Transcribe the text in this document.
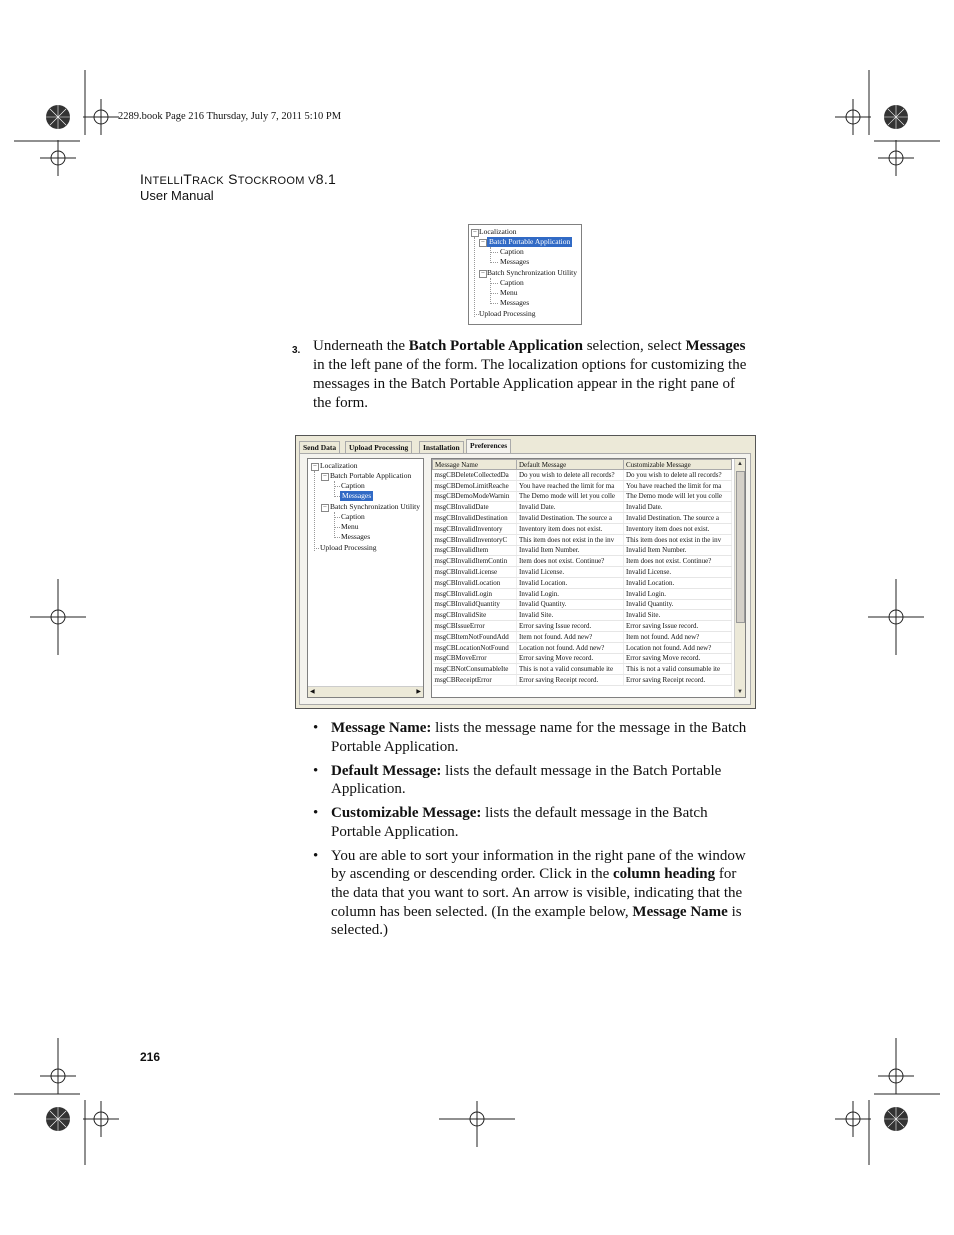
2289.book Page 216 Thursday, July 7, 2011 5:10 PM
INTELLITRACK STOCKROOM V8.1
User Manual
− Localization
− Batch Portable Application
Caption
Messages
− Batch Synchronization Utility
Caption
Menu
Messages
Upload Processing
3. Underneath the Batch Portable Application selection, select Messages in the left pane of the form. The localization options for customizing the messages in the Batch Portable Application appear in the right pane of the form.
Send Data	Upload Processing	Installation	Preferences
− Localization
− Batch Portable Application
Caption
Messages
− Batch Synchronization Utility
Caption
Menu
Messages
Upload Processing
◀	▶
Message Name	Default Message	Customizable Message
msgCBDeleteCollectedDa	Do you wish to delete all records?	Do you wish to delete all records?
msgCBDemoLimitReache	You have reached the limit for ma	You have reached the limit for ma
msgCBDemoModeWarnin	The Demo mode will let you colle	The Demo mode will let you colle
msgCBInvalidDate	Invalid Date.	Invalid Date.
msgCBInvalidDestination	Invalid Destination. The source a	Invalid Destination. The source a
msgCBInvalidInventory	Inventory item does not exist.	Inventory item does not exist.
msgCBInvalidInventoryC	This item does not exist in the inv	This item does not exist in the inv
msgCBInvalidItem	Invalid Item Number.	Invalid Item Number.
msgCBInvalidItemContin	Item does not exist. Continue?	Item does not exist. Continue?
msgCBInvalidLicense	Invalid License.	Invalid License.
msgCBInvalidLocation	Invalid Location.	Invalid Location.
msgCBInvalidLogin	Invalid Login.	Invalid Login.
msgCBInvalidQuantity	Invalid Quantity.	Invalid Quantity.
msgCBInvalidSite	Invalid Site.	Invalid Site.
msgCBIssueError	Error saving Issue record.	Error saving Issue record.
msgCBItemNotFoundAdd	Item not found. Add new?	Item not found. Add new?
msgCBLocationNotFound	Location not found. Add new?	Location not found. Add new?
msgCBMoveError	Error saving Move record.	Error saving Move record.
msgCBNotConsumableIte	This is not a valid consumable ite	This is not a valid consumable ite
msgCBReceiptError	Error saving Receipt record.	Error saving Receipt record.
▲
▼
• Message Name: lists the message name for the message in the Batch Portable Application.
• Default Message: lists the default message in the Batch Portable Application.
• Customizable Message: lists the default message in the Batch Portable Application.
• You are able to sort your information in the right pane of the window by ascending or descending order. Click in the column heading for the data that you want to sort. An arrow is visible, indicating that the column has been selected. (In the example below, Message Name is selected.)
216
